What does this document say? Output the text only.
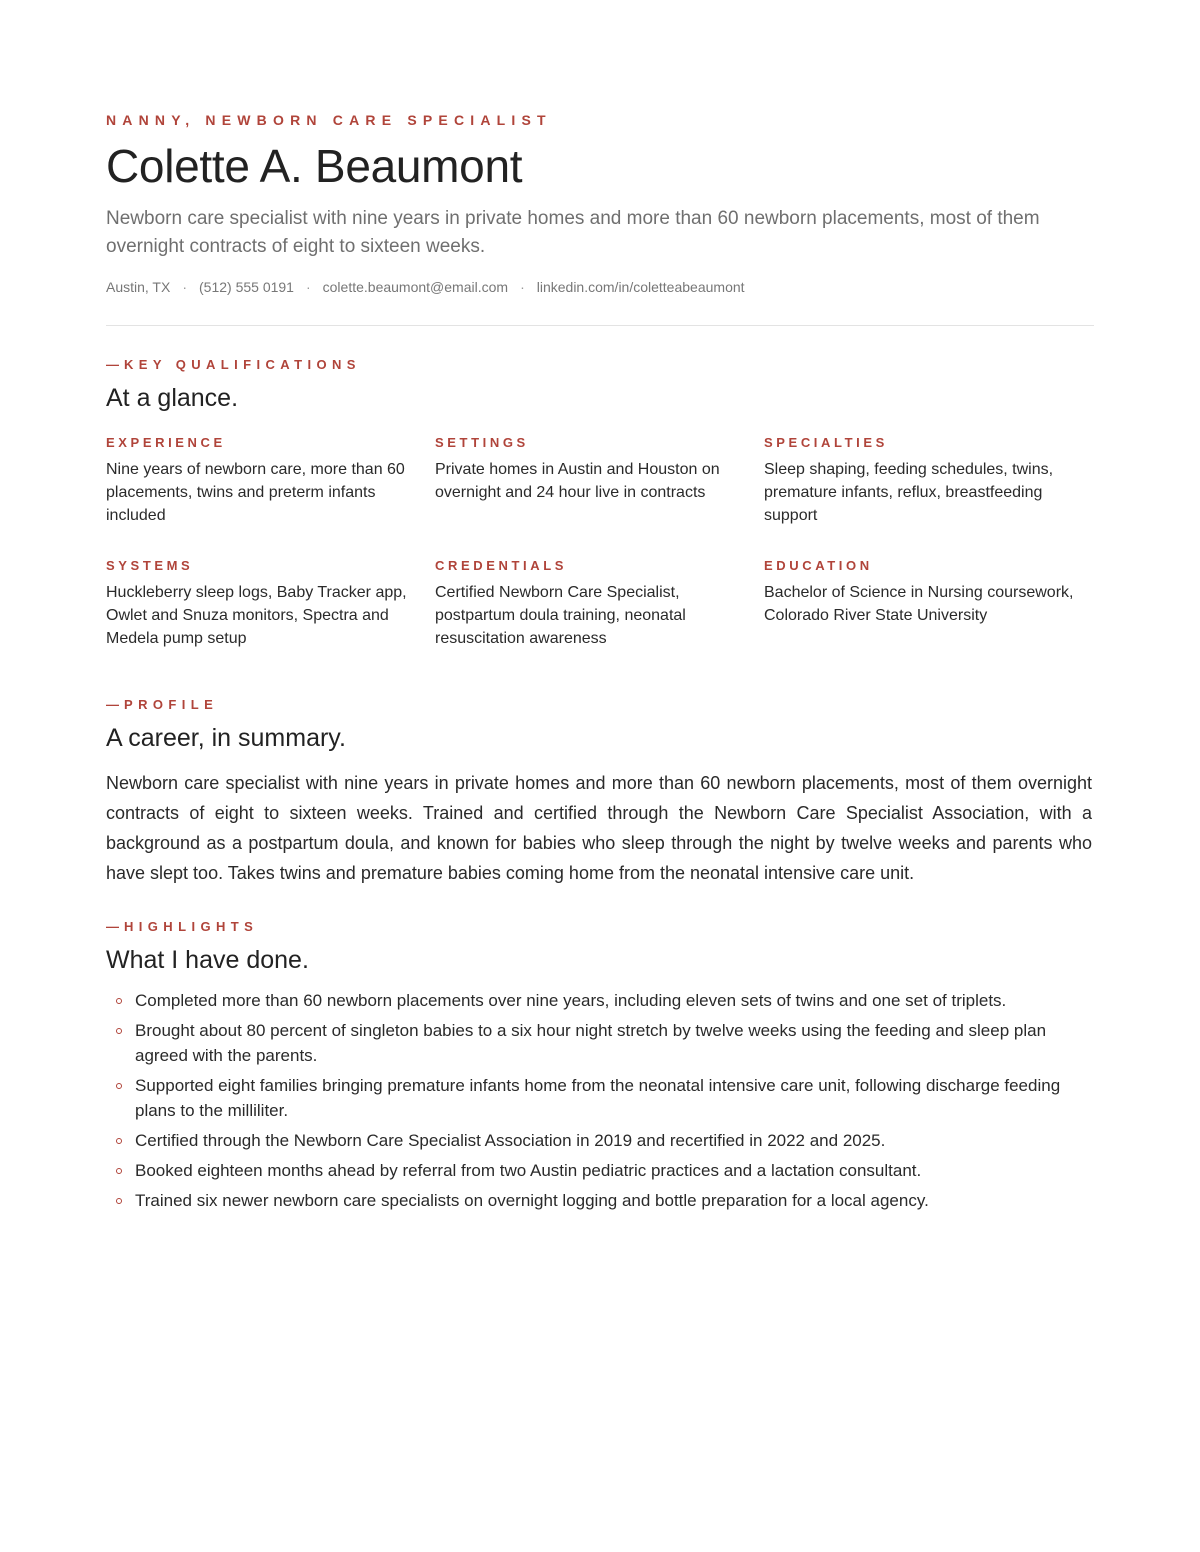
NANNY, NEWBORN CARE SPECIALIST

Colette A. Beaumont

Newborn care specialist with nine years in private homes and more than 60 newborn placements, most of them overnight contracts of eight to sixteen weeks.

Austin, TX · (512) 555 0191 · colette.beaumont@email.com · linkedin.com/in/coletteabeaumont

— KEY QUALIFICATIONS

At a glance.

EXPERIENCE

Nine years of newborn care, more than 60 placements, twins and preterm infants included

SETTINGS

Private homes in Austin and Houston on overnight and 24 hour live in contracts

SPECIALTIES

Sleep shaping, feeding schedules, twins, premature infants, reflux, breastfeeding support

SYSTEMS

Huckleberry sleep logs, Baby Tracker app, Owlet and Snuza monitors, Spectra and Medela pump setup

CREDENTIALS

Certified Newborn Care Specialist, postpartum doula training, neonatal resuscitation awareness

EDUCATION

Bachelor of Science in Nursing coursework, Colorado River State University

— PROFILE

A career, in summary.

Newborn care specialist with nine years in private homes and more than 60 newborn placements, most of them overnight contracts of eight to sixteen weeks. Trained and certified through the Newborn Care Specialist Association, with a background as a postpartum doula, and known for babies who sleep through the night by twelve weeks and parents who have slept too. Takes twins and premature babies coming home from the neonatal intensive care unit.

— HIGHLIGHTS

What I have done.
Completed more than 60 newborn placements over nine years, including eleven sets of twins and one set of triplets.
Brought about 80 percent of singleton babies to a six hour night stretch by twelve weeks using the feeding and sleep plan agreed with the parents.
Supported eight families bringing premature infants home from the neonatal intensive care unit, following discharge feeding plans to the milliliter.
Certified through the Newborn Care Specialist Association in 2019 and recertified in 2022 and 2025.
Booked eighteen months ahead by referral from two Austin pediatric practices and a lactation consultant.
Trained six newer newborn care specialists on overnight logging and bottle preparation for a local agency.
